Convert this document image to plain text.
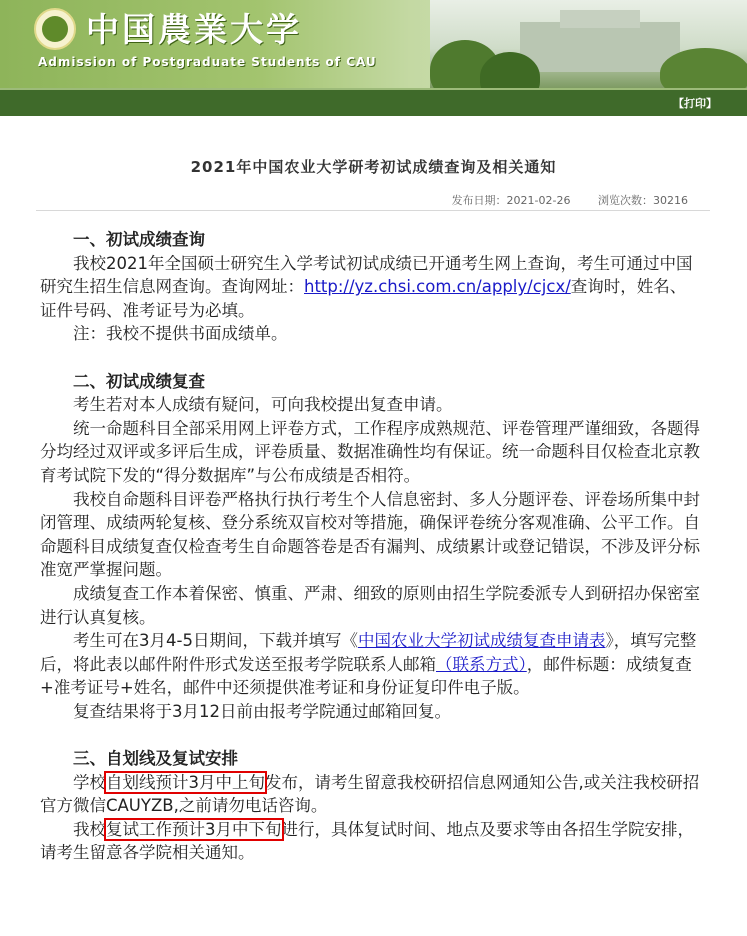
中国農業大学
Admission of Postgraduate Students of CAU
【打印】
2021年中国农业大学研考初试成绩查询及相关通知
发布日期：2021-02-26	浏览次数：30216

一、初试成绩查询

我校2021年全国硕士研究生入学考试初试成绩已开通考生网上查询，考生可通过中国研究生招生信息网查询。查询网址：http://yz.chsi.com.cn/apply/cjcx/查询时，姓名、证件号码、准考证号为必填。

注：我校不提供书面成绩单。

二、初试成绩复查

考生若对本人成绩有疑问，可向我校提出复查申请。

统一命题科目全部采用网上评卷方式，工作程序成熟规范、评卷管理严谨细致，各题得分均经过双评或多评后生成，评卷质量、数据准确性均有保证。统一命题科目仅检查北京教育考试院下发的“得分数据库”与公布成绩是否相符。

我校自命题科目评卷严格执行执行考生个人信息密封、多人分题评卷、评卷场所集中封闭管理、成绩两轮复核、登分系统双盲校对等措施，确保评卷统分客观准确、公平工作。自命题科目成绩复查仅检查考生自命题答卷是否有漏判、成绩累计或登记错误，不涉及评分标准宽严掌握问题。

成绩复查工作本着保密、慎重、严肃、细致的原则由招生学院委派专人到研招办保密室进行认真复核。

考生可在3月4-5日期间，下载并填写《中国农业大学初试成绩复查申请表》，填写完整后，将此表以邮件附件形式发送至报考学院联系人邮箱（联系方式），邮件标题：成绩复查+准考证号+姓名，邮件中还须提供准考证和身份证复印件电子版。

复查结果将于3月12日前由报考学院通过邮箱回复。

三、自划线及复试安排

学校自划线预计3月中上旬发布，请考生留意我校研招信息网通知公告,或关注我校研招官方微信CAUYZB,之前请勿电话咨询。

我校复试工作预计3月中下旬进行，具体复试时间、地点及要求等由各招生学院安排，请考生留意各学院相关通知。
